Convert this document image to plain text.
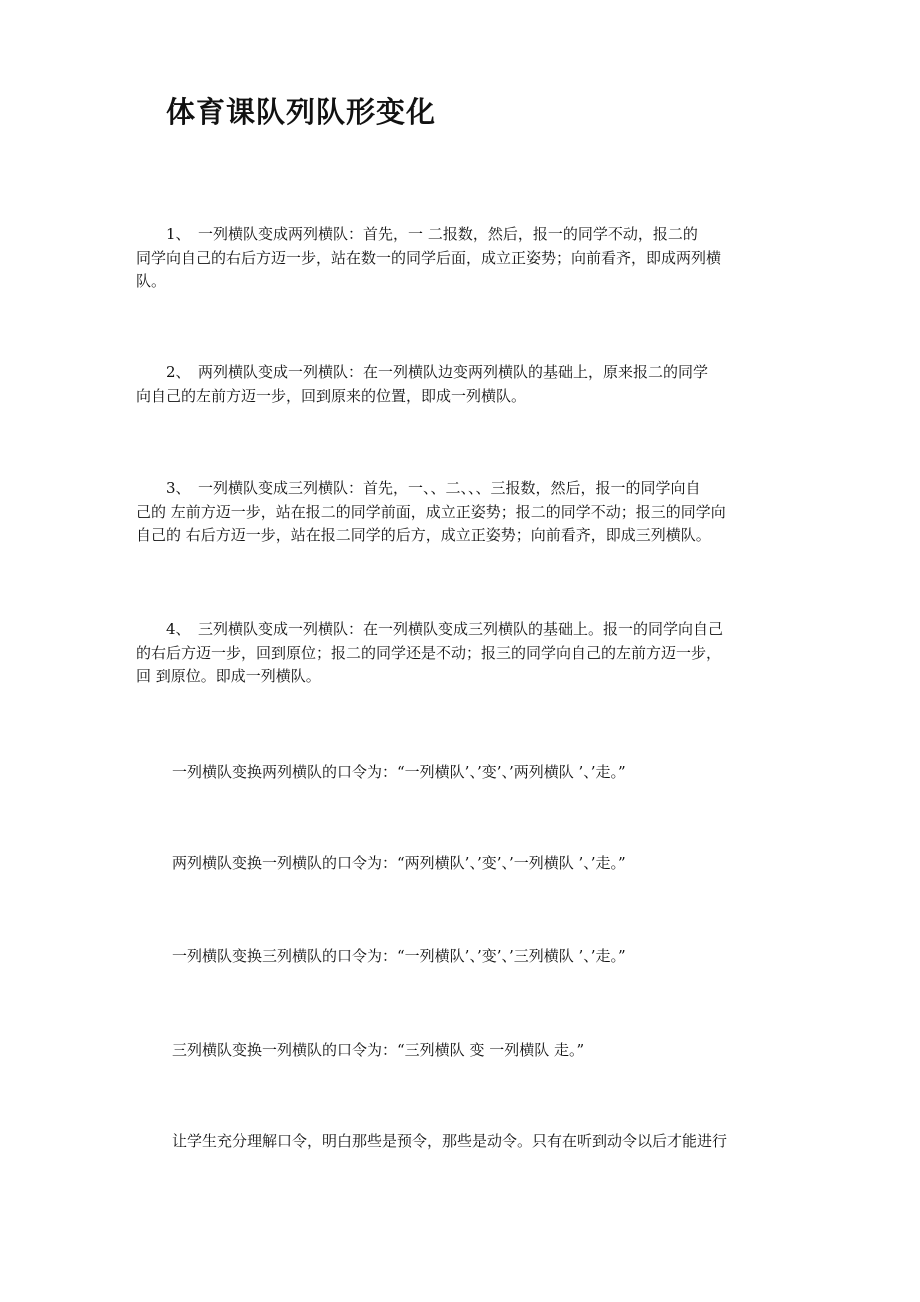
体育课队列队形变化
　　1、　一列横队变成两列横队：首先，一 二报数，然后，报一的同学不动，报二的
同学向自己的右后方迈一步，站在数一的同学后面，成立正姿势；向前看齐，即成两列横
队。
　　2、　两列横队变成一列横队：在一列横队边变两列横队的基础上，原来报二的同学
向自己的左前方迈一步，回到原来的位置，即成一列横队。
　　3、　一列横队变成三列横队：首先，一、、二、、、三报数，然后，报一的同学向自
己的 左前方迈一步，站在报二的同学前面，成立正姿势；报二的同学不动；报三的同学向
自己的 右后方迈一步，站在报二同学的后方，成立正姿势；向前看齐，即成三列横队。
　　4、　三列横队变成一列横队：在一列横队变成三列横队的基础上。报一的同学向自己
的右后方迈一步，回到原位；报二的同学还是不动；报三的同学向自己的左前方迈一步，
回 到原位。即成一列横队。

一列横队变换两列横队的口令为：“一列横队’、’变’、’两列横队 ’、’走。”

两列横队变换一列横队的口令为：“两列横队’、’变’、’一列横队 ’、’走。”

一列横队变换三列横队的口令为：“一列横队’、’变’、’三列横队 ’、’走。”

三列横队变换一列横队的口令为：“三列横队 变 一列横队 走。”

让学生充分理解口令，明白那些是预令，那些是动令。只有在听到动令以后才能进行
